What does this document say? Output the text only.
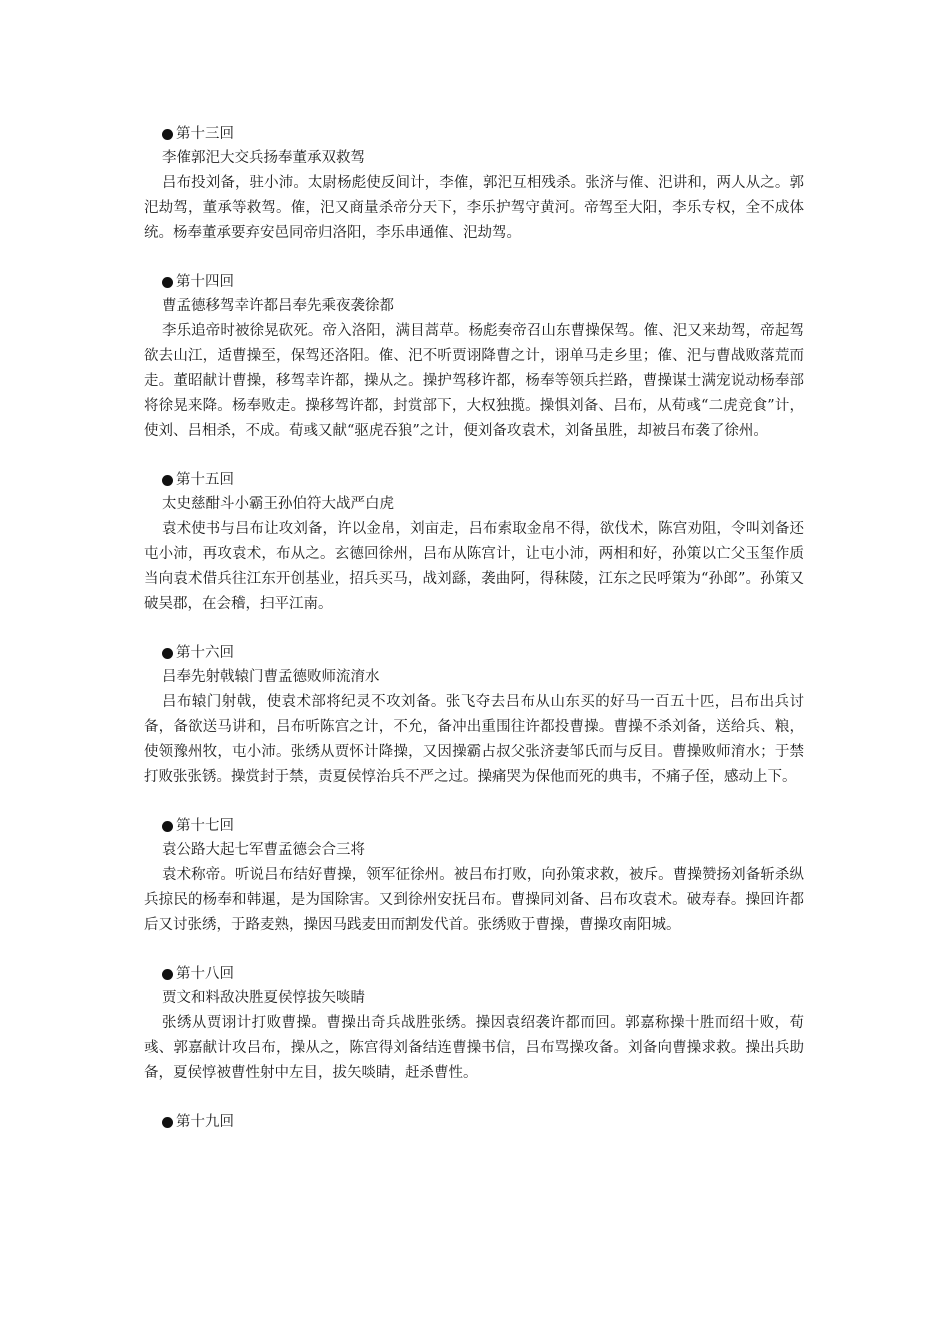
第十三回
李傕郭汜大交兵扬奉董承双救驾
吕布投刘备，驻小沛。太尉杨彪使反间计，李傕，郭汜互相残杀。张济与傕、汜讲和，两人从之。郭汜劫驾，董承等救驾。傕，汜又商量杀帝分天下，李乐护驾守黄河。帝驾至大阳，李乐专权，全不成体统。杨奉董承要弃安邑同帝归洛阳，李乐串通傕、汜劫驾。
第十四回
曹孟德移驾幸许都吕奉先乘夜袭徐都
李乐追帝时被徐晃砍死。帝入洛阳，满目蒿草。杨彪奏帝召山东曹操保驾。傕、汜又来劫驾，帝起驾欲去山江，适曹操至，保驾还洛阳。傕、汜不听贾诩降曹之计，诩单马走乡里；傕、汜与曹战败落荒而走。董昭献计曹操，移驾幸许都，操从之。操护驾移许都，杨奉等领兵拦路，曹操谋士满宠说动杨奉部将徐晃来降。杨奉败走。操移驾许都，封赏部下，大权独揽。操惧刘备、吕布，从荀彧“二虎竞食”计，使刘、吕相杀，不成。荀彧又献“驱虎吞狼”之计，便刘备攻袁术，刘备虽胜，却被吕布袭了徐州。
第十五回
太史慈酣斗小霸王孙伯符大战严白虎
袁术使书与吕布让攻刘备，许以金帛，刘亩走，吕布索取金帛不得，欲伐术，陈宫劝阻，令叫刘备还屯小沛，再攻袁术，布从之。玄德回徐州，吕布从陈宫计，让屯小沛，两相和好，孙策以亡父玉玺作质当向袁术借兵往江东开创基业，招兵买马，战刘繇，袭曲阿，得秣陵，江东之民呼策为“孙郎”。孙策又破吴郡，在会稽，扫平江南。
第十六回
吕奉先射戟辕门曹孟德败师流淯水
吕布辕门射戟，使袁术部将纪灵不攻刘备。张飞夺去吕布从山东买的好马一百五十匹，吕布出兵讨备，备欲送马讲和，吕布听陈宫之计，不允，备冲出重围往许都投曹操。曹操不杀刘备，送给兵、粮，使领豫州牧，屯小沛。张绣从贾怀计降操，又因操霸占叔父张济妻邹氏而与反目。曹操败师淯水；于禁打败张张锈。操赏封于禁，责夏侯惇治兵不严之过。操痛哭为保他而死的典韦，不痛子侄，感动上下。
第十七回
袁公路大起七军曹孟德会合三将
袁术称帝。听说吕布结好曹操，领军征徐州。被吕布打败，向孙策求救，被斥。曹操赞扬刘备斩杀纵兵掠民的杨奉和韩暹，是为国除害。又到徐州安抚吕布。曹操同刘备、吕布攻袁术。破寿春。操回许都后又讨张绣，于路麦熟，操因马践麦田而割发代首。张绣败于曹操，曹操攻南阳城。
第十八回
贾文和料敌决胜夏侯惇拔矢啖睛
张绣从贾诩计打败曹操。曹操出奇兵战胜张绣。操因袁绍袭许都而回。郭嘉称操十胜而绍十败，荀彧、郭嘉献计攻吕布，操从之，陈宫得刘备结连曹操书信，吕布骂操攻备。刘备向曹操求救。操出兵助备，夏侯惇被曹性射中左目，拔矢啖睛，赶杀曹性。
第十九回
